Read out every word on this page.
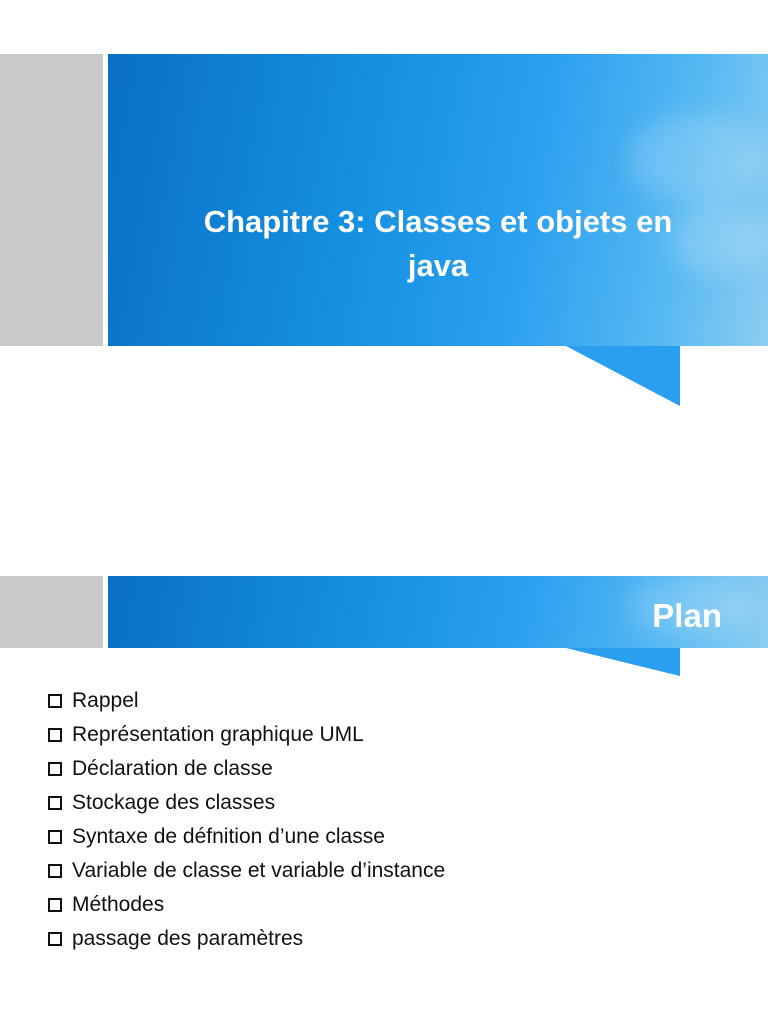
Chapitre 3: Classes et objets en
java
Plan
Rappel
Représentation graphique UML
Déclaration de classe
Stockage des classes
Syntaxe de défnition d’une classe
Variable de classe et variable d’instance
Méthodes
passage des paramètres
